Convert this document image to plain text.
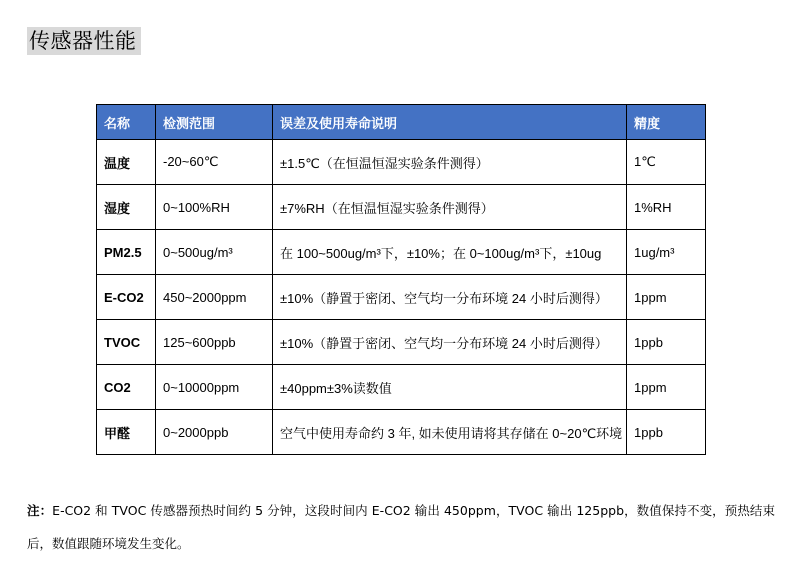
传感器性能
名称	检测范围	误差及使用寿命说明	精度
温度	-20~60℃	±1.5℃（在恒温恒湿实验条件测得）	1℃
湿度	0~100%RH	±7%RH（在恒温恒湿实验条件测得）	1%RH
PM2.5	0~500ug/m³	在 100~500ug/m³下，±10%；在 0~100ug/m³下，±10ug	1ug/m³
E-CO2	450~2000ppm	±10%（静置于密闭、空气均一分布环境 24 小时后测得）	1ppm
TVOC	125~600ppb	±10%（静置于密闭、空气均一分布环境 24 小时后测得）	1ppb
CO2	0~10000ppm	±40ppm±3%读数值	1ppm
甲醛	0~2000ppb	空气中使用寿命约 3 年, 如未使用请将其存储在 0~20℃环境	1ppb
注：E-CO2 和 TVOC 传感器预热时间约 5 分钟，这段时间内 E-CO2 输出 450ppm，TVOC 输出 125ppb，数值保持不变，预热结束后，数值跟随环境发生变化。
